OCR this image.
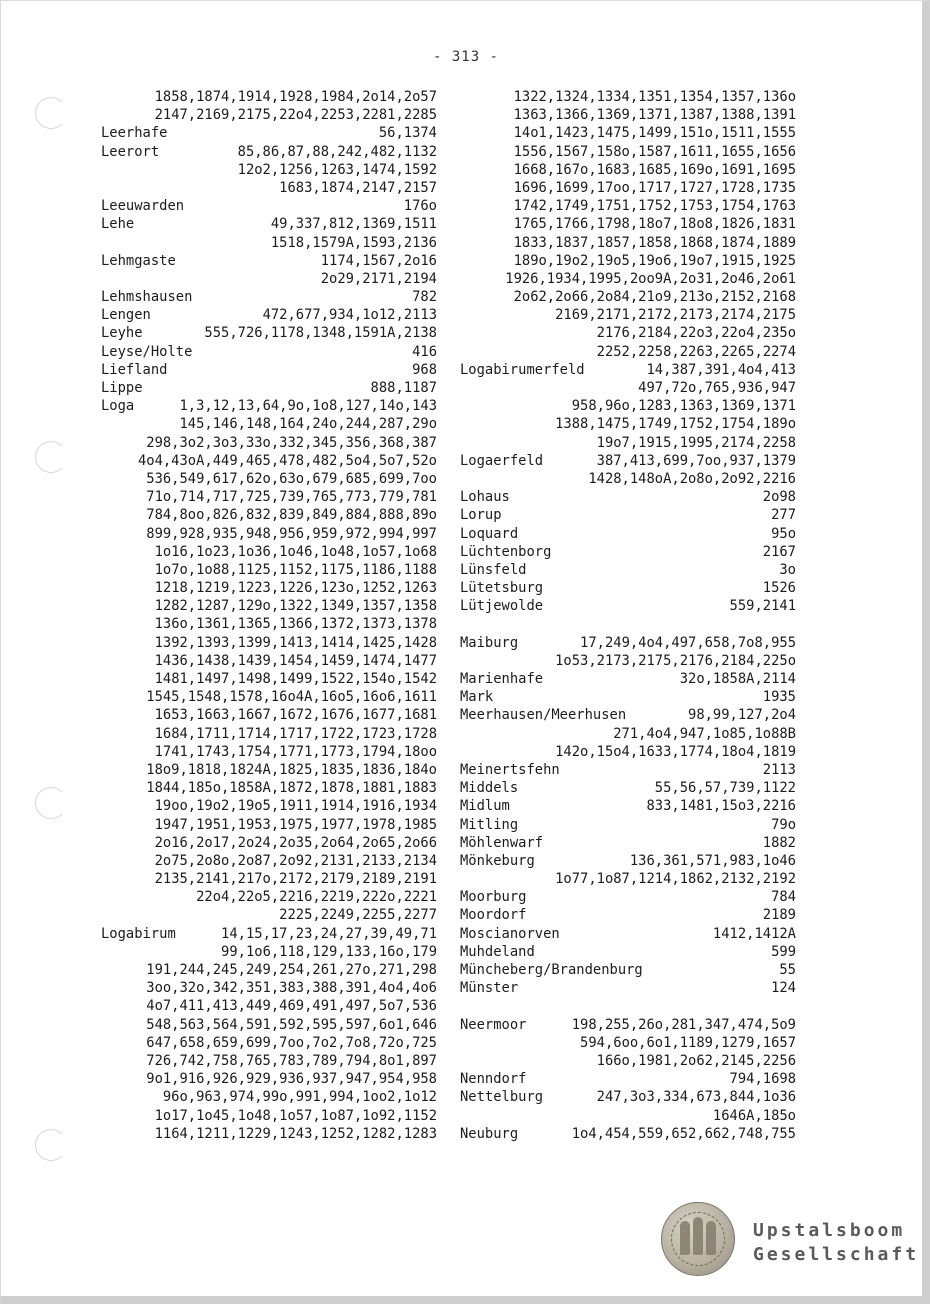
- 313 -
1858,1874,1914,1928,1984,2o14,2o57
2147,2169,2175,22o4,2253,2281,2285
Leerhafe	56,1374
Leerort	85,86,87,88,242,482,1132
12o2,1256,1263,1474,1592
1683,1874,2147,2157
Leeuwarden	176o
Lehe	49,337,812,1369,1511
1518,1579A,1593,2136
Lehmgaste	1174,1567,2o16
2o29,2171,2194
Lehmshausen	782
Lengen	472,677,934,1o12,2113
Leyhe	555,726,1178,1348,1591A,2138
Leyse/Holte	416
Liefland	968
Lippe	888,1187
Loga	1,3,12,13,64,9o,1o8,127,14o,143
145,146,148,164,24o,244,287,29o
298,3o2,3o3,33o,332,345,356,368,387
4o4,43oA,449,465,478,482,5o4,5o7,52o
536,549,617,62o,63o,679,685,699,7oo
71o,714,717,725,739,765,773,779,781
784,8oo,826,832,839,849,884,888,89o
899,928,935,948,956,959,972,994,997
1o16,1o23,1o36,1o46,1o48,1o57,1o68
1o7o,1o88,1125,1152,1175,1186,1188
1218,1219,1223,1226,123o,1252,1263
1282,1287,129o,1322,1349,1357,1358
136o,1361,1365,1366,1372,1373,1378
1392,1393,1399,1413,1414,1425,1428
1436,1438,1439,1454,1459,1474,1477
1481,1497,1498,1499,1522,154o,1542
1545,1548,1578,16o4A,16o5,16o6,1611
1653,1663,1667,1672,1676,1677,1681
1684,1711,1714,1717,1722,1723,1728
1741,1743,1754,1771,1773,1794,18oo
18o9,1818,1824A,1825,1835,1836,184o
1844,185o,1858A,1872,1878,1881,1883
19oo,19o2,19o5,1911,1914,1916,1934
1947,1951,1953,1975,1977,1978,1985
2o16,2o17,2o24,2o35,2o64,2o65,2o66
2o75,2o8o,2o87,2o92,2131,2133,2134
2135,2141,217o,2172,2179,2189,2191
22o4,22o5,2216,2219,222o,2221
2225,2249,2255,2277
Logabirum	14,15,17,23,24,27,39,49,71
99,1o6,118,129,133,16o,179
191,244,245,249,254,261,27o,271,298
3oo,32o,342,351,383,388,391,4o4,4o6
4o7,411,413,449,469,491,497,5o7,536
548,563,564,591,592,595,597,6o1,646
647,658,659,699,7oo,7o2,7o8,72o,725
726,742,758,765,783,789,794,8o1,897
9o1,916,926,929,936,937,947,954,958
96o,963,974,99o,991,994,1oo2,1o12
1o17,1o45,1o48,1o57,1o87,1o92,1152
1164,1211,1229,1243,1252,1282,1283
1322,1324,1334,1351,1354,1357,136o
1363,1366,1369,1371,1387,1388,1391
14o1,1423,1475,1499,151o,1511,1555
1556,1567,158o,1587,1611,1655,1656
1668,167o,1683,1685,169o,1691,1695
1696,1699,17oo,1717,1727,1728,1735
1742,1749,1751,1752,1753,1754,1763
1765,1766,1798,18o7,18o8,1826,1831
1833,1837,1857,1858,1868,1874,1889
189o,19o2,19o5,19o6,19o7,1915,1925
1926,1934,1995,2oo9A,2o31,2o46,2o61
2o62,2o66,2o84,21o9,213o,2152,2168
2169,2171,2172,2173,2174,2175
2176,2184,22o3,22o4,235o
2252,2258,2263,2265,2274
Logabirumerfeld	14,387,391,4o4,413
497,72o,765,936,947
958,96o,1283,1363,1369,1371
1388,1475,1749,1752,1754,189o
19o7,1915,1995,2174,2258
Logaerfeld	387,413,699,7oo,937,1379
1428,148oA,2o8o,2o92,2216
Lohaus	2o98
Lorup	277
Loquard	95o
Lüchtenborg	2167
Lünsfeld	3o
Lütetsburg	1526
Lütjewolde	559,2141
Maiburg	17,249,4o4,497,658,7o8,955
1o53,2173,2175,2176,2184,225o
Marienhafe	32o,1858A,2114
Mark	1935
Meerhausen/Meerhusen	98,99,127,2o4
271,4o4,947,1o85,1o88B
142o,15o4,1633,1774,18o4,1819
Meinertsfehn	2113
Middels	55,56,57,739,1122
Midlum	833,1481,15o3,2216
Mitling	79o
Möhlenwarf	1882
Mönkeburg	136,361,571,983,1o46
1o77,1o87,1214,1862,2132,2192
Moorburg	784
Moordorf	2189
Moscianorven	1412,1412A
Muhdeland	599
Müncheberg/Brandenburg	55
Münster	124
Neermoor	198,255,26o,281,347,474,5o9
594,6oo,6o1,1189,1279,1657
166o,1981,2o62,2145,2256
Nenndorf	794,1698
Nettelburg	247,3o3,334,673,844,1o36
1646A,185o
Neuburg	1o4,454,559,652,662,748,755
Upstalsboom
Gesellschaft
